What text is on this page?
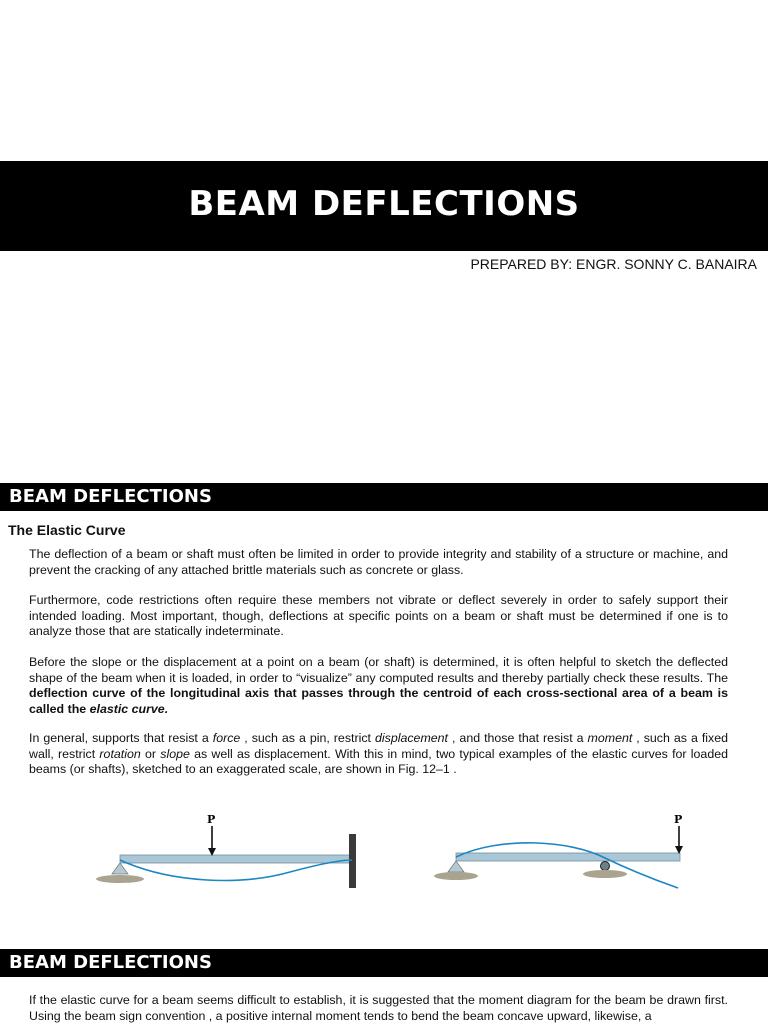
BEAM DEFLECTIONS
PREPARED BY: ENGR. SONNY C. BANAIRA
BEAM DEFLECTIONS
The Elastic Curve
The deflection of a beam or shaft must often be limited in order to provide integrity and stability of a structure or machine, and prevent the cracking of any attached brittle materials such as concrete or glass.
Furthermore, code restrictions often require these members not vibrate or deflect severely in order to safely support their intended loading. Most important, though, deflections at specific points on a beam or shaft must be determined if one is to analyze those that are statically indeterminate.
Before the slope or the displacement at a point on a beam (or shaft) is determined, it is often helpful to sketch the deflected shape of the beam when it is loaded, in order to “visualize” any computed results and thereby partially check these results. The deflection curve of the longitudinal axis that passes through the centroid of each cross-sectional area of a beam is called the elastic curve.
In general, supports that resist a force , such as a pin, restrict displacement , and those that resist a moment , such as a fixed wall, restrict rotation or slope as well as displacement. With this in mind, two typical examples of the elastic curves for loaded beams (or shafts), sketched to an exaggerated scale, are shown in Fig. 12–1 .
P	P
BEAM DEFLECTIONS
If the elastic curve for a beam seems difficult to establish, it is suggested that the moment diagram for the beam be drawn first. Using the beam sign convention , a positive internal moment tends to bend the beam concave upward, likewise, a
